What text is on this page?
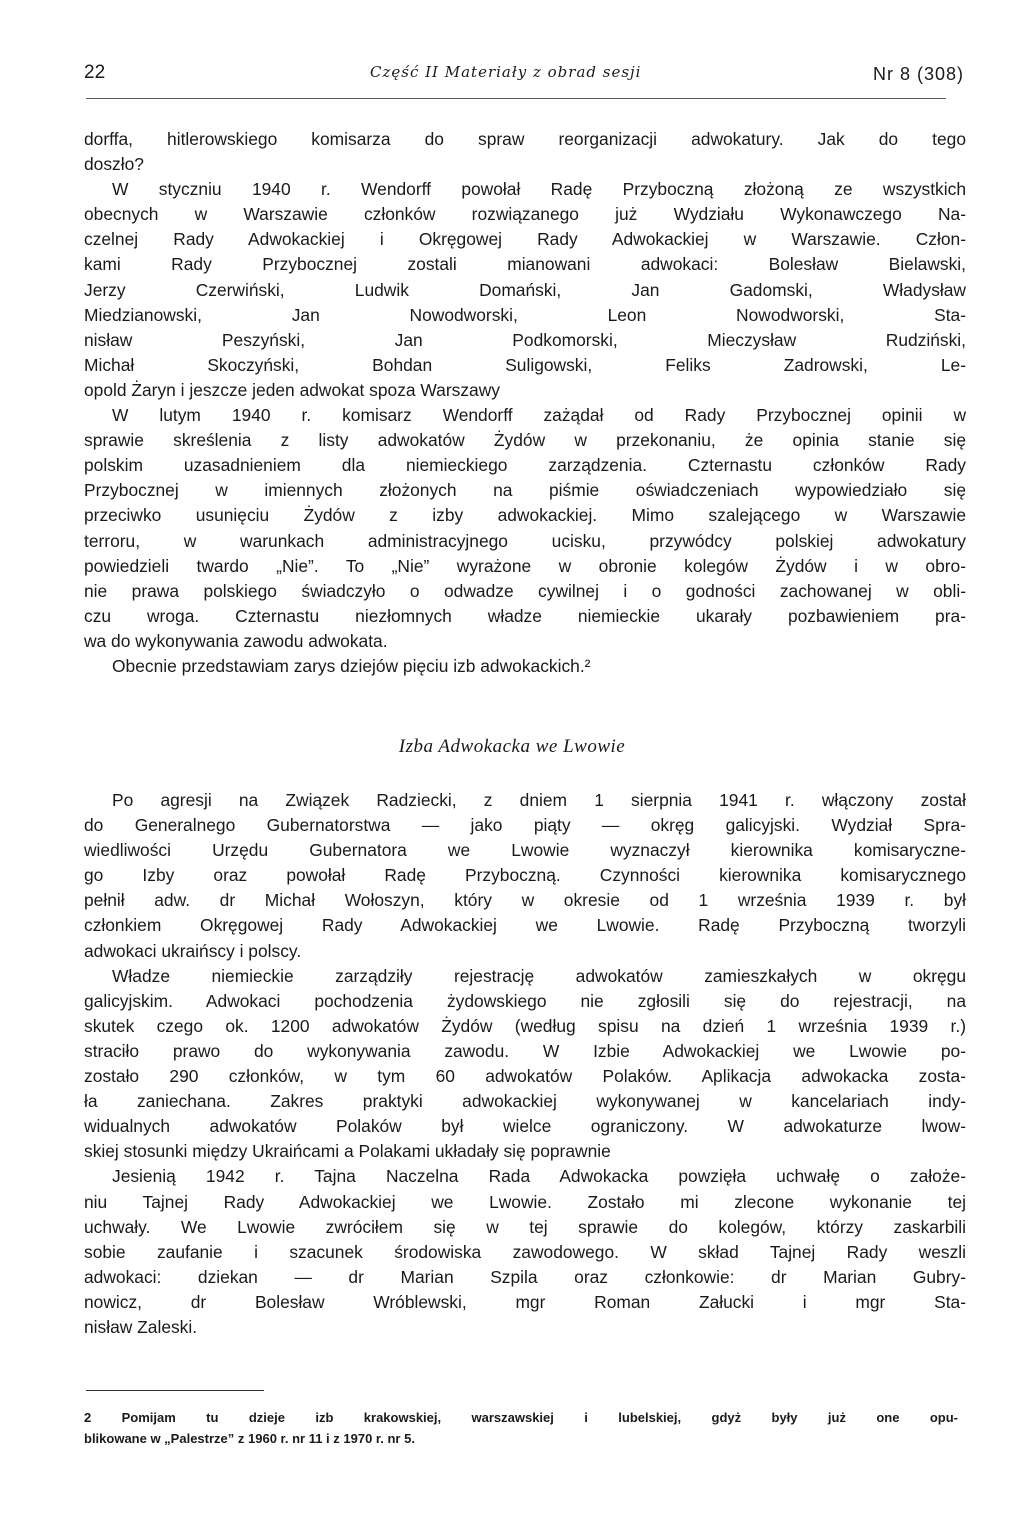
22	Część II Materiały z obrad sesji	Nr 8 (308)
dorffa, hitlerowskiego komisarza do spraw reorganizacji adwokatury. Jak do tego
doszło?
W styczniu 1940 r. Wendorff powołał Radę Przyboczną złożoną ze wszystkich
obecnych w Warszawie członków rozwiązanego już Wydziału Wykonawczego Na-
czelnej Rady Adwokackiej i Okręgowej Rady Adwokackiej w Warszawie. Człon-
kami Rady Przybocznej zostali mianowani adwokaci: Bolesław Bielawski,
Jerzy Czerwiński, Ludwik Domański, Jan Gadomski, Władysław
Miedzianowski, Jan Nowodworski, Leon Nowodworski, Sta-
nisław Peszyński, Jan Podkomorski, Mieczysław Rudziński,
Michał Skoczyński, Bohdan Suligowski, Feliks Zadrowski, Le-
opold Żaryn i jeszcze jeden adwokat spoza Warszawy
W lutym 1940 r. komisarz Wendorff zażądał od Rady Przybocznej opinii w
sprawie skreślenia z listy adwokatów Żydów w przekonaniu, że opinia stanie się
polskim uzasadnieniem dla niemieckiego zarządzenia. Czternastu członków Rady
Przybocznej w imiennych złożonych na piśmie oświadczeniach wypowiedziało się
przeciwko usunięciu Żydów z izby adwokackiej. Mimo szalejącego w Warszawie
terroru, w warunkach administracyjnego ucisku, przywódcy polskiej adwokatury
powiedzieli twardo „Nie”. To „Nie” wyrażone w obronie kolegów Żydów i w obro-
nie prawa polskiego świadczyło o odwadze cywilnej i o godności zachowanej w obli-
czu wroga. Czternastu niezłomnych władze niemieckie ukarały pozbawieniem pra-
wa do wykonywania zawodu adwokata.
Obecnie przedstawiam zarys dziejów pięciu izb adwokackich.²
Izba Adwokacka we Lwowie
Po agresji na Związek Radziecki, z dniem 1 sierpnia 1941 r. włączony został
do Generalnego Gubernatorstwa — jako piąty — okręg galicyjski. Wydział Spra-
wiedliwości Urzędu Gubernatora we Lwowie wyznaczył kierownika komisaryczne-
go Izby oraz powołał Radę Przyboczną. Czynności kierownika komisarycznego
pełnił adw. dr Michał Wołoszyn, który w okresie od 1 września 1939 r. był
członkiem Okręgowej Rady Adwokackiej we Lwowie. Radę Przyboczną tworzyli
adwokaci ukraińscy i polscy.
Władze niemieckie zarządziły rejestrację adwokatów zamieszkałych w okręgu
galicyjskim. Adwokaci pochodzenia żydowskiego nie zgłosili się do rejestracji, na
skutek czego ok. 1200 adwokatów Żydów (według spisu na dzień 1 września 1939 r.)
straciło prawo do wykonywania zawodu. W Izbie Adwokackiej we Lwowie po-
zostało 290 członków, w tym 60 adwokatów Polaków. Aplikacja adwokacka zosta-
ła zaniechana. Zakres praktyki adwokackiej wykonywanej w kancelariach indy-
widualnych adwokatów Polaków był wielce ograniczony. W adwokaturze lwow-
skiej stosunki między Ukraińcami a Polakami układały się poprawnie
Jesienią 1942 r. Tajna Naczelna Rada Adwokacka powzięła uchwałę o założe-
niu Tajnej Rady Adwokackiej we Lwowie. Zostało mi zlecone wykonanie tej
uchwały. We Lwowie zwróciłem się w tej sprawie do kolegów, którzy zaskarbili
sobie zaufanie i szacunek środowiska zawodowego. W skład Tajnej Rady weszli
adwokaci: dziekan — dr Marian Szpila oraz członkowie: dr Marian Gubry-
nowicz, dr Bolesław Wróblewski, mgr Roman Załucki i mgr Sta-
nisław Zaleski.
2 Pomijam tu dzieje izb krakowskiej, warszawskiej i lubelskiej, gdyż były już one opu-
blikowane w „Palestrze” z 1960 r. nr 11 i z 1970 r. nr 5.
